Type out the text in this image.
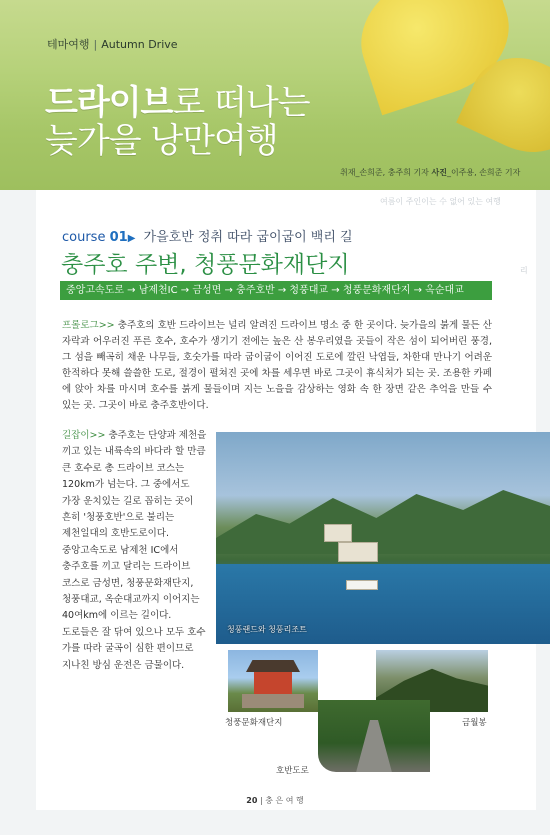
테마여행 | Autumn Drive
드라이브로 떠나는
늦가을 낭만여행
취재_손희준, 충주희 기자 사진_이주용, 손희준 기자
여름이 주인이는 수 없어 있는 여행
리
course 01▶ 가을호반 정취 따라 굽이굽이 백리 길
충주호 주변, 청풍문화재단지
중앙고속도로 → 남제천IC → 금성면 → 충주호반 → 청풍대교 → 청풍문화재단지 → 옥순대교
프롤로그>> 충주호의 호반 드라이브는 널리 알려진 드라이브 명소 중 한 곳이다. 늦가을의 붉게 물든 산자락과 어우러진 푸른 호수, 호수가 생기기 전에는 높은 산 봉우리였을 곳들이 작은 섬이 되어버린 풍경, 그 섬을 빼곡히 채운 나무들, 호숫가를 따라 굽이굽이 이어진 도로에 깔린 낙엽들, 차한대 만나기 어려운 한적하다 못해 쓸쓸한 도로, 절경이 펼쳐진 곳에 차를 세우면 바로 그곳이 휴식처가 되는 곳. 조용한 카페에 앉아 차를 마시며 호수를 붉게 물들이며 지는 노을을 감상하는 영화 속 한 장면 같은 추억을 만들 수 있는 곳. 그곳이 바로 충주호반이다.
길잡이>> 충주호는 단양과 제천을 끼고 있는 내륙속의 바다라 할 만큼 큰 호수로 총 드라이브 코스는 120km가 넘는다. 그 중에서도 가장 운치있는 길로 꼽히는 곳이 흔히 '청풍호반'으로 불리는 제천일대의 호반도로이다. 중앙고속도로 남제천 IC에서 충주호를 끼고 달리는 드라이브 코스로 금성면, 청풍문화재단지, 청풍대교, 옥순대교까지 이어지는 40여km에 이르는 길이다. 도로들은 잘 닦여 있으나 모두 호수 가를 따라 굴곡이 심한 편이므로 지나친 방심 운전은 금물이다.
청풍랜드와 청풍리조트
청풍문화재단지	금월봉
호반도로
20 | 충 은 여 행
